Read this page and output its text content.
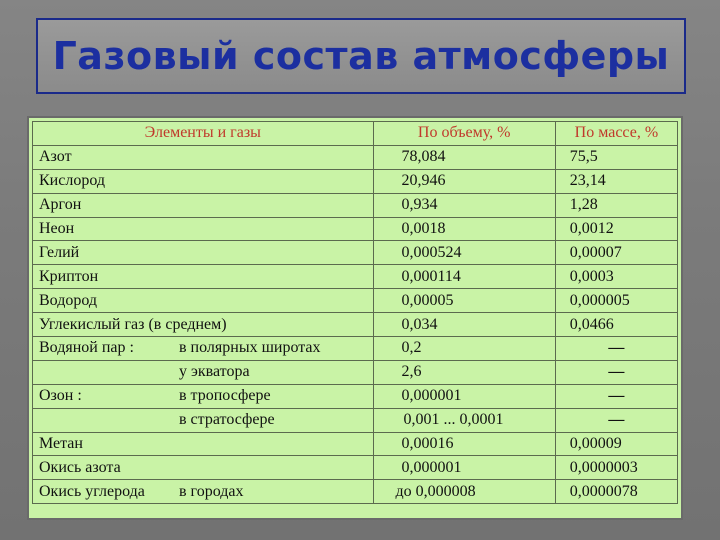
Газовый состав атмосферы
Элементы и газы	По объему, %	По массе, %

Азот	78,084	75,5

Кислород	20,946	23,14

Аргон	0,934	1,28

Неон	0,0018	0,0012

Гелий	0,000524	0,00007

Криптон	0,000114	0,0003

Водород	0,00005	0,000005

Углекислый газ (в среднем)	0,034	0,0466

Водяной пар : в полярных широтах	0,2	—

у экватора	2,6	—

Озон : в тропосфере	0,000001	—

в стратосфере	0,001 ... 0,0001	—

Метан	0,00016	0,00009

Окись азота	0,000001	0,0000003

Окись углерода в городах	до 0,000008	0,0000078
